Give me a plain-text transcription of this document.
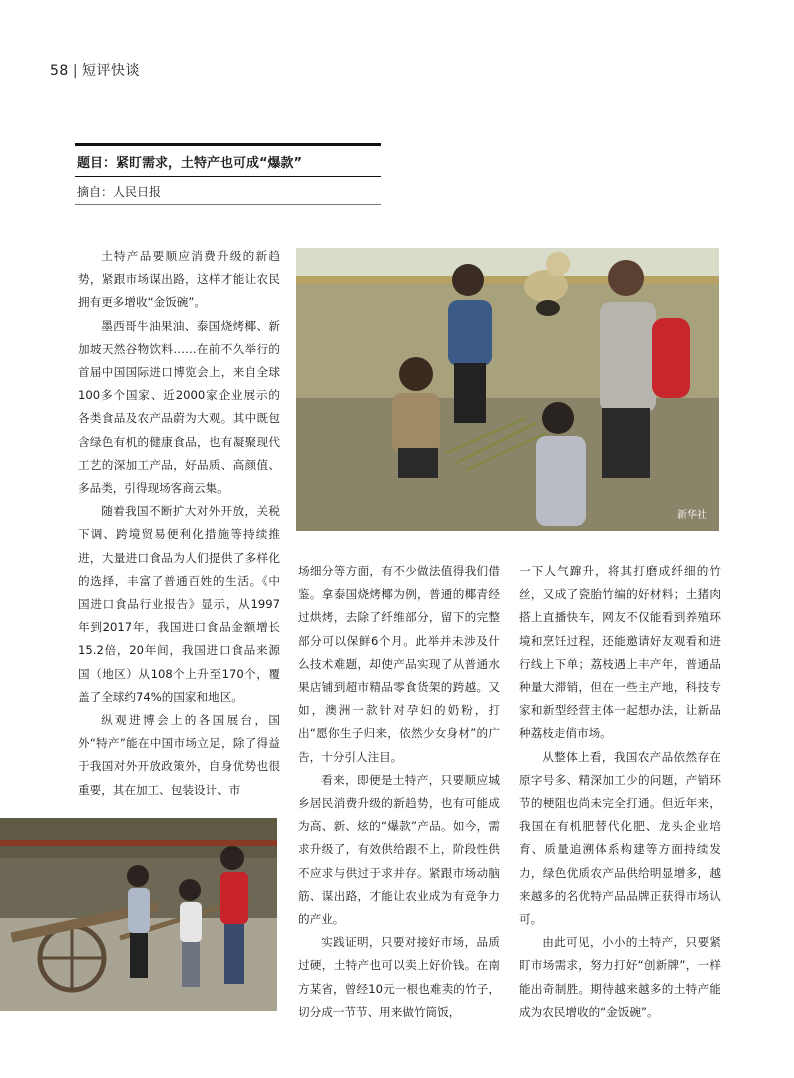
58 | 短评快谈
题目：紧盯需求，土特产也可成“爆款”
摘自：人民日报
新华社

土特产品要顺应消费升级的新趋势，紧跟市场谋出路，这样才能让农民拥有更多增收“金饭碗”。

墨西哥牛油果油、泰国烧烤椰、新加坡天然谷物饮料……在前不久举行的首届中国国际进口博览会上，来自全球100多个国家、近2000家企业展示的各类食品及农产品蔚为大观。其中既包含绿色有机的健康食品，也有凝聚现代工艺的深加工产品，好品质、高颜值、多品类，引得现场客商云集。

随着我国不断扩大对外开放，关税下调、跨境贸易便利化措施等持续推进，大量进口食品为人们提供了多样化的选择，丰富了普通百姓的生活。《中国进口食品行业报告》显示，从1997年到2017年，我国进口食品金额增长15.2倍，20年间，我国进口食品来源国（地区）从108个上升至170个，覆盖了全球约74%的国家和地区。

纵观进博会上的各国展台，国外“特产”能在中国市场立足，除了得益于我国对外开放政策外，自身优势也很重要，其在加工、包装设计、市

场细分等方面，有不少做法值得我们借鉴。拿泰国烧烤椰为例，普通的椰青经过烘烤，去除了纤维部分，留下的完整部分可以保鲜6个月。此举并未涉及什么技术难题，却使产品实现了从普通水果店铺到超市精品零食货架的跨越。又如，澳洲一款针对孕妇的奶粉，打出“愿你生子归来，依然少女身材”的广告，十分引人注目。

看来，即便是土特产，只要顺应城乡居民消费升级的新趋势，也有可能成为高、新、炫的“爆款”产品。如今，需求升级了，有效供给跟不上，阶段性供不应求与供过于求并存。紧跟市场动脑筋、谋出路，才能让农业成为有竞争力的产业。

实践证明，只要对接好市场，品质过硬，土特产也可以卖上好价钱。在南方某省，曾经10元一根也难卖的竹子，切分成一节节、用来做竹筒饭，

一下人气蹿升，将其打磨成纤细的竹丝，又成了瓷胎竹编的好材料；土猪肉搭上直播快车，网友不仅能看到养殖环境和烹饪过程，还能邀请好友观看和进行线上下单；荔枝遇上丰产年，普通品种量大滞销，但在一些主产地，科技专家和新型经营主体一起想办法，让新品种荔枝走俏市场。

从整体上看，我国农产品依然存在原字号多、精深加工少的问题，产销环节的梗阻也尚未完全打通。但近年来，我国在有机肥替代化肥、龙头企业培育、质量追溯体系构建等方面持续发力，绿色优质农产品供给明显增多，越来越多的名优特产品品牌正获得市场认可。

由此可见，小小的土特产，只要紧盯市场需求，努力打好“创新牌”，一样能出奇制胜。期待越来越多的土特产能成为农民增收的“金饭碗”。
